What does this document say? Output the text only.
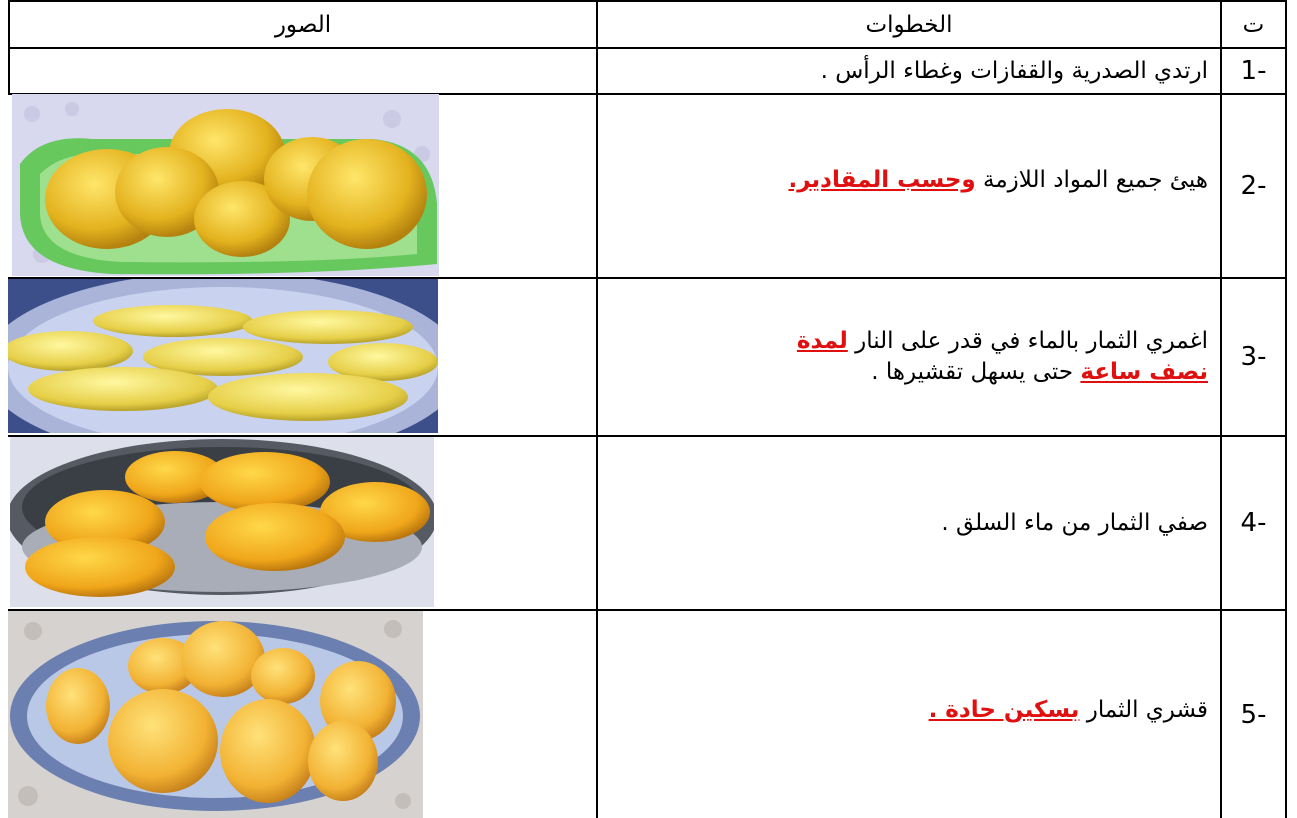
الصور	الخطوات	ت
1-

ارتدي الصدرية والقفازات وغطاء الرأس .

2-

هيئ جميع المواد اللازمة وحسب المقادير.

3-

اغمري الثمار بالماء في قدر على النار لمدة
نصف ساعة حتى يسهل تقشيرها .

4-

صفي الثمار من ماء السلق .

5-

قشري الثمار بسكين حادة .
